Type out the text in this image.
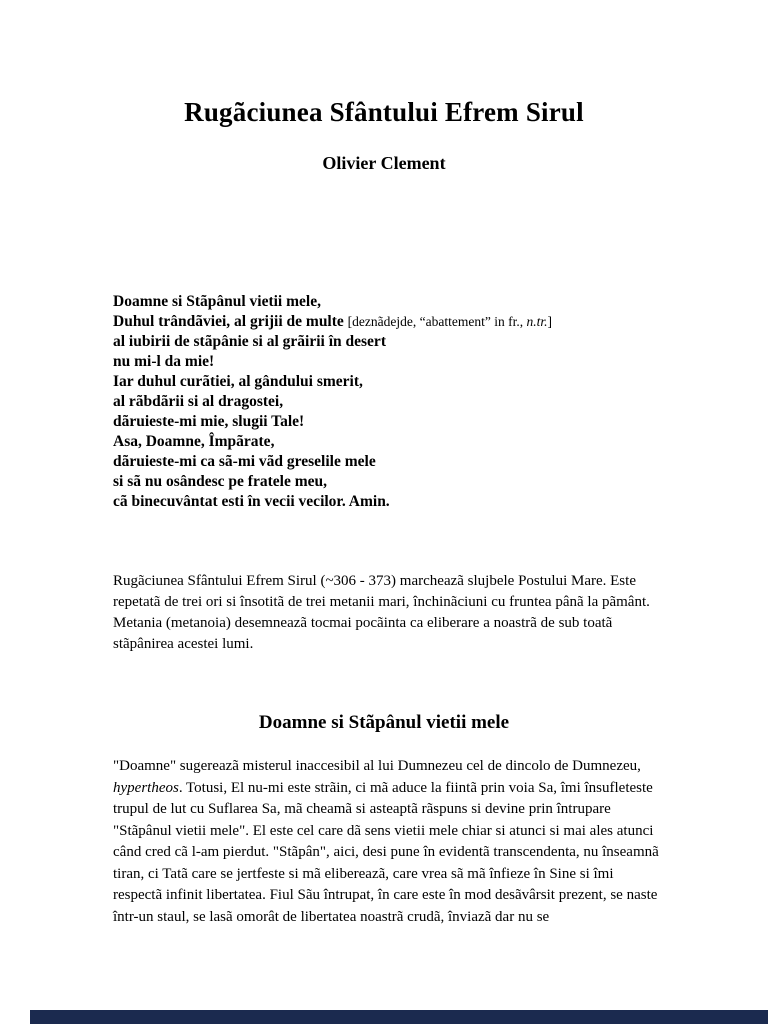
Rugãciunea Sfântului Efrem Sirul
Olivier Clement
Doamne si Stãpânul vietii mele,
Duhul trândãviei, al grijii de multe [deznãdejde, “abattement” in fr., n.tr.]
al iubirii de stãpânie si al grãirii în desert
nu mi-l da mie!
Iar duhul curãtiei, al gândului smerit,
al rãbdãrii si al dragostei,
dãruieste-mi mie, slugii Tale!
Asa, Doamne, Împãrate,
dãruieste-mi ca sã-mi vãd greselile mele
si sã nu osândesc pe fratele meu,
cã binecuvântat esti în vecii vecilor. Amin.

Rugãciunea Sfântului Efrem Sirul (~306 - 373) marcheazã slujbele Postului Mare. Este repetatã de trei ori si însotitã de trei metanii mari, închinãciuni cu fruntea pânã la pãmânt. Metania (metanoia) desemneazã tocmai pocãinta ca eliberare a noastrã de sub toatã stãpânirea acestei lumi.

Doamne si Stãpânul vietii mele

"Doamne" sugereazã misterul inaccesibil al lui Dumnezeu cel de dincolo de Dumnezeu, hypertheos. Totusi, El nu-mi este strãin, ci mã aduce la fiintã prin voia Sa, îmi însufleteste trupul de lut cu Suflarea Sa, mã cheamã si asteaptã rãspuns si devine prin întrupare "Stãpânul vietii mele". El este cel care dã sens vietii mele chiar si atunci si mai ales atunci când cred cã l-am pierdut. "Stãpân", aici, desi pune în evidentã transcendenta, nu înseamnã tiran, ci Tatã care se jertfeste si mã elibereazã, care vrea sã mã înfieze în Sine si îmi respectã infinit libertatea. Fiul Sãu întrupat, în care este în mod desãvârsit prezent, se naste într-un staul, se lasã omorât de libertatea noastrã crudã, înviazã dar nu se
